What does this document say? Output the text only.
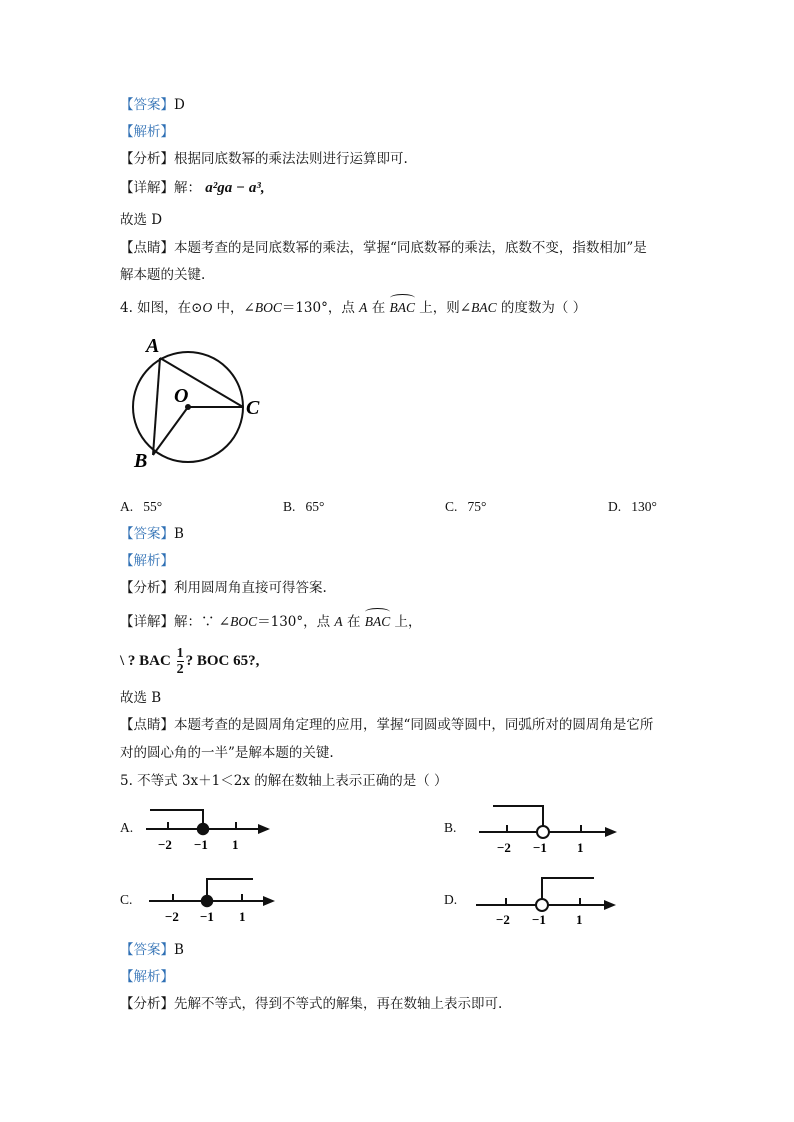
【答案】D
【解析】
【分析】根据同底数幂的乘法法则进行运算即可.
【详解】解： a²ga − a³,
故选 D
【点睛】本题考查的是同底数幂的乘法，掌握“同底数幂的乘法，底数不变，指数相加”是
解本题的关键.
4. 如图，在⊙O 中，∠BOC＝130°，点 A 在 BAC 上，则∠BAC 的度数为（ ）
A
O
C
B
A. 55°	B. 65°	C. 75°	D. 130°
【答案】B
【解析】
【分析】利用圆周角直接可得答案.
【详解】解：∵ ∠BOC＝130°，点 A 在 BAC 上，
\ ? BAC $\frac{1}{2}$ ? BOC 65?,
故选 B
【点睛】本题考查的是圆周角定理的应用，掌握“同圆或等圆中，同弧所对的圆周角是它所
对的圆心角的一半”是解本题的关键.
5. 不等式 3x＋1＜2x 的解在数轴上表示正确的是（ ）
A.
−2 −1 1
B.
−2 −1 1
C.
−2 −1 1
D.
−2 −1 1
【答案】B
【解析】
【分析】先解不等式，得到不等式的解集，再在数轴上表示即可.
